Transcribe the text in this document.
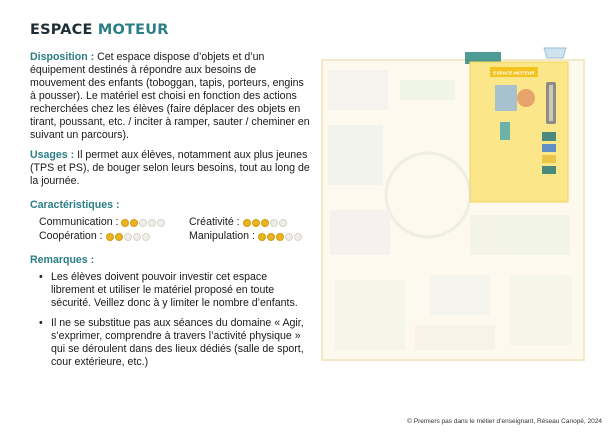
ESPACE MOTEUR

Disposition : Cet espace dispose d’objets et d’un équipement destinés à répondre aux besoins de mouvement des enfants (toboggan, tapis, porteurs, engins à pousser). Le matériel est choisi en fonction des actions recherchées chez les élèves (faire déplacer des objets en tirant, poussant, etc. / inciter à ramper, sauter / cheminer en suivant un parcours).

Usages : Il permet aux élèves, notamment aux plus jeunes (TPS et PS), de bouger selon leurs besoins, tout au long de la journée.

Caractéristiques :
Communication :	Créativité :
Coopération :	Manipulation :
Remarques :
• Les élèves doivent pouvoir investir cet espace librement et utiliser le matériel proposé en toute sécurité. Veillez donc à y limiter le nombre d’enfants.
• Il ne se substitue pas aux séances du domaine « Agir, s’exprimer, comprendre à travers l’activité physique » qui se déroulent dans des lieux dédiés (salle de sport, cour extérieure, etc.)
ESPACE MOTEUR
© Premiers pas dans le métier d’enseignant, Réseau Canopé, 2024
